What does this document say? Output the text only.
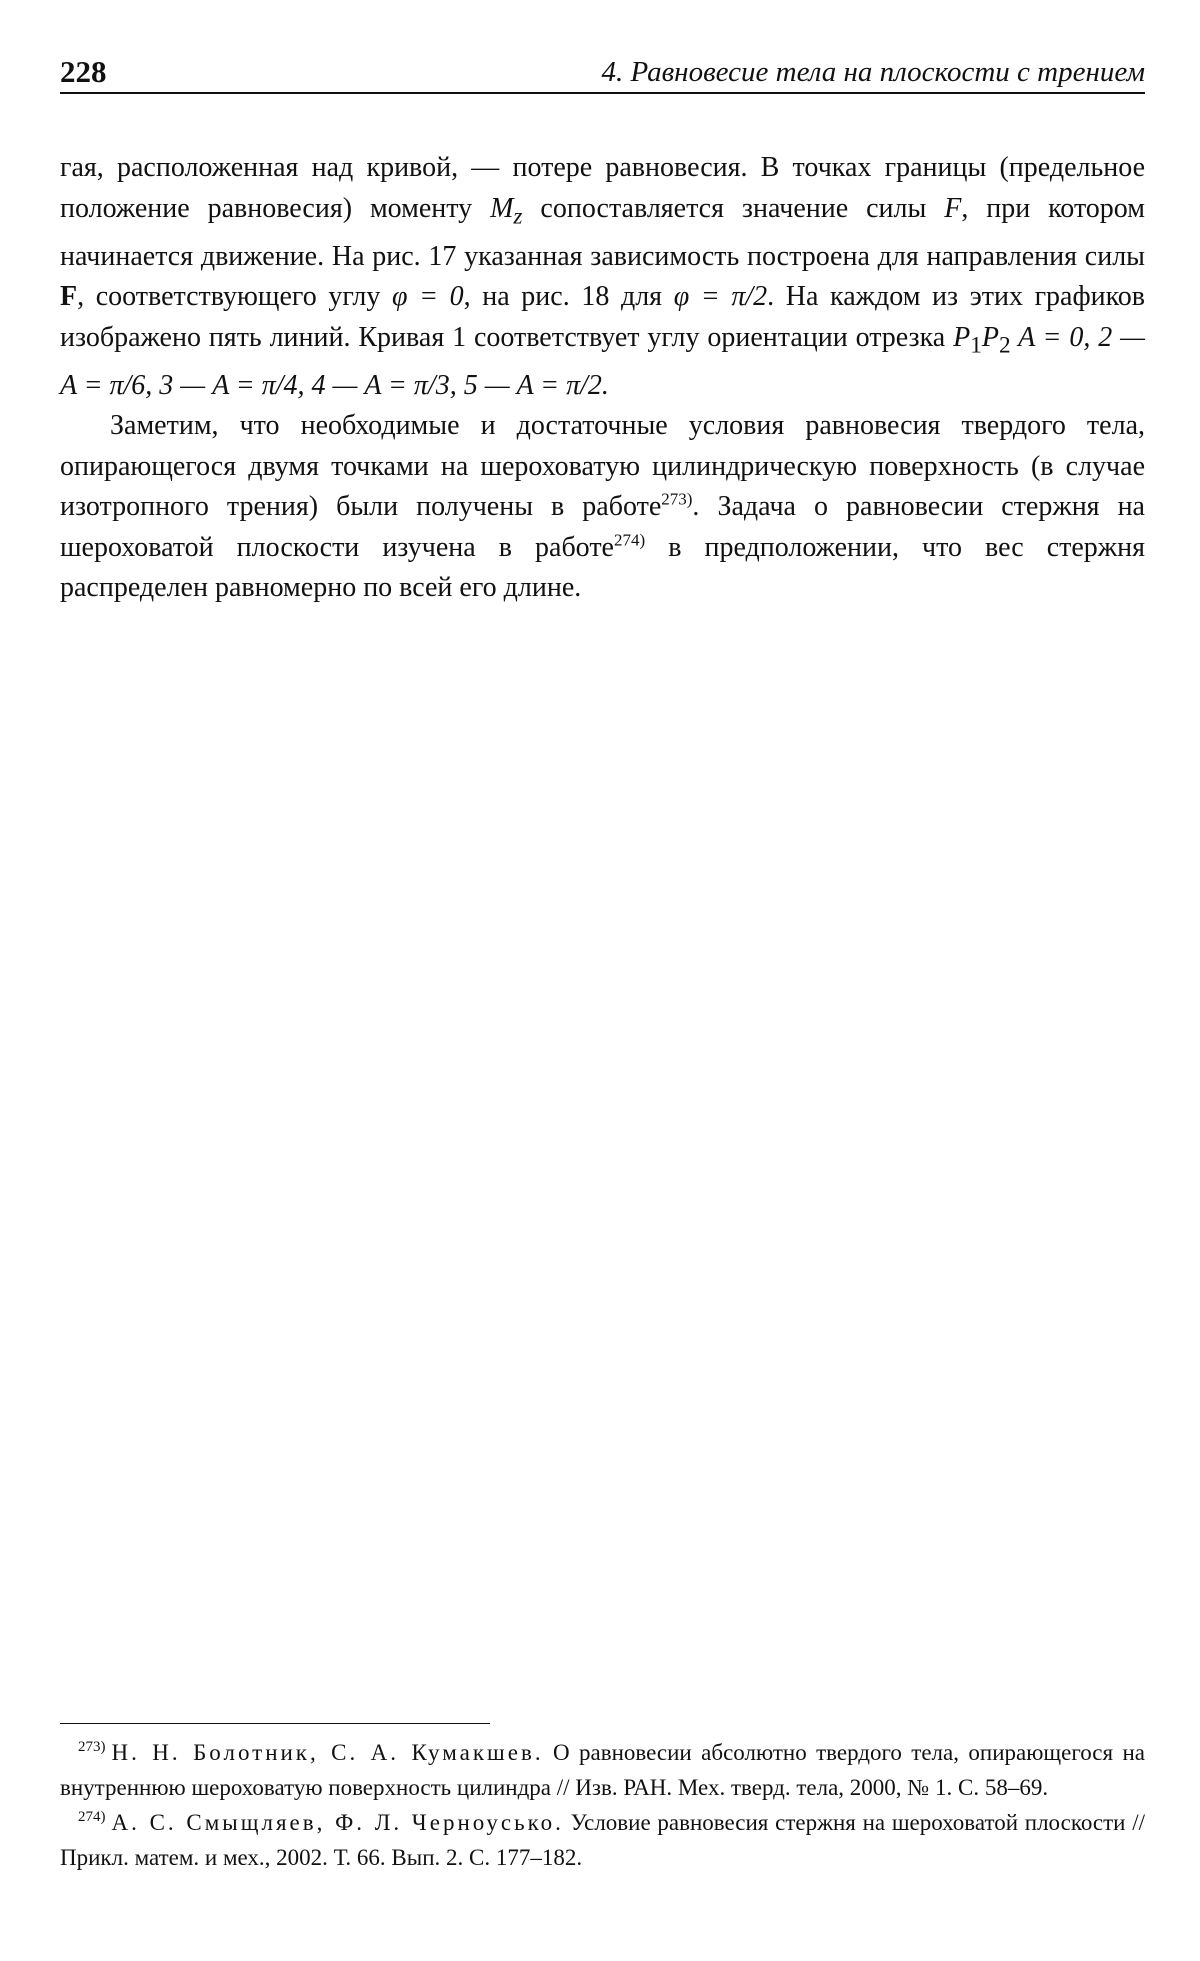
228	4. Равновесие тела на плоскости с трением

гая, расположенная над кривой, — потере равновесия. В точках границы (предельное положение равновесия) моменту $M_z$ сопоставляется значение силы F, при котором начинается движение. На рис. 17 указанная зависимость построена для направления силы F, соответствующего углу φ = 0, на рис. 18 для φ = π/2. На каждом из этих графиков изображено пять линий. Кривая 1 соответствует углу ориентации отрезка $P_1P_2$ A = 0, 2 — A = π/6, 3 — A = π/4, 4 — A = π/3, 5 — A = π/2.

Заметим, что необходимые и достаточные условия равновесия твердого тела, опирающегося двумя точками на шероховатую цилиндрическую поверхность (в случае изотропного трения) были получены в работе$^{273)}$. Задача о равновесии стержня на шероховатой плоскости изучена в работе$^{274)}$ в предположении, что вес стержня распределен равномерно по всей его длине.

$^{273)}$ Н. Н. Болотник, С. А. Кумакшев. О равновесии абсолютно твердого тела, опирающегося на внутреннюю шероховатую поверхность цилиндра // Изв. РАН. Мех. тверд. тела, 2000, № 1. С. 58–69.

$^{274)}$ А. С. Смыщляев, Ф. Л. Черноусько. Условие равновесия стержня на шероховатой плоскости // Прикл. матем. и мех., 2002. Т. 66. Вып. 2. С. 177–182.
